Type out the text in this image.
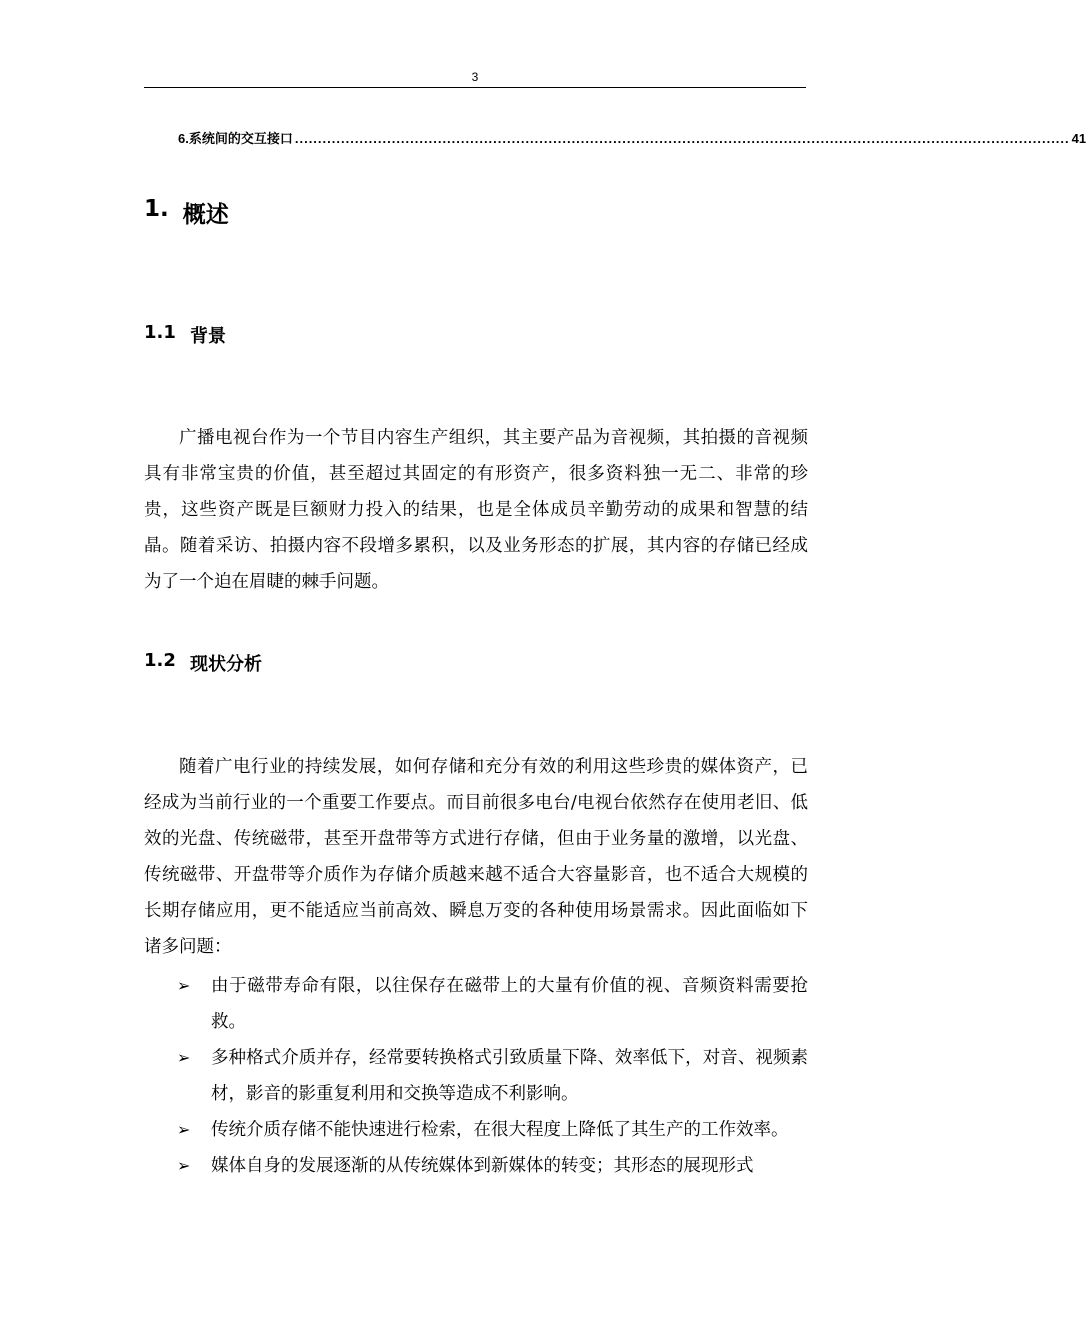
3
6. 系统间的交互接口 ........................................................................................................................................................................ 41
1. 概述
1.1 背景

广播电视台作为一个节目内容生产组织，其主要产品为音视频，其拍摄的音视频具有非常宝贵的价值，甚至超过其固定的有形资产，很多资料独一无二、非常的珍贵，这些资产既是巨额财力投入的结果，也是全体成员辛勤劳动的成果和智慧的结晶。随着采访、拍摄内容不段增多累积，以及业务形态的扩展，其内容的存储已经成为了一个迫在眉睫的棘手问题。

1.2 现状分析

随着广电行业的持续发展，如何存储和充分有效的利用这些珍贵的媒体资产，已经成为当前行业的一个重要工作要点。而目前很多电台/电视台依然存在使用老旧、低效的光盘、传统磁带，甚至开盘带等方式进行存储，但由于业务量的激增，以光盘、传统磁带、开盘带等介质作为存储介质越来越不适合大容量影音，也不适合大规模的长期存储应用，更不能适应当前高效、瞬息万变的各种使用场景需求。因此面临如下诸多问题：

➢ 由于磁带寿命有限，以往保存在磁带上的大量有价值的视、音频资料需要抢救。
➢ 多种格式介质并存，经常要转换格式引致质量下降、效率低下，对音、视频素材，影音的影重复利用和交换等造成不利影响。
➢ 传统介质存储不能快速进行检索，在很大程度上降低了其生产的工作效率。
➢ 媒体自身的发展逐渐的从传统媒体到新媒体的转变；其形态的展现形式
